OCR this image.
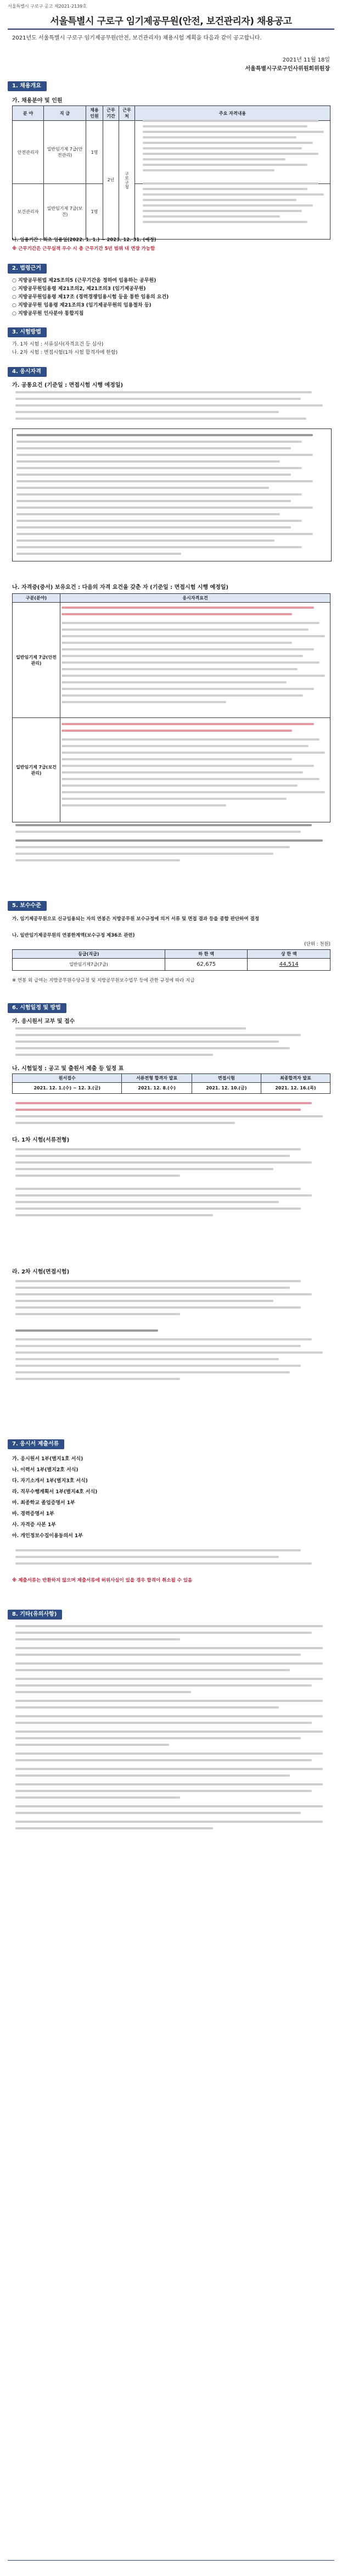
서울특별시 구로구 공고 제2021-2139호
서울특별시 구로구 임기제공무원(안전, 보건관리자) 채용공고
2021년도 서울특별시 구로구 임기제공무원(안전, 보건관리자) 채용시험 계획을 다음과 같이 공고합니다.
2021년 11월 18일
서울특별시구로구인사위원회위원장
1. 채용개요
가. 채용분야 및 인원
분 야	직 급	채용 인원	근무 기간	근무 처	주요 자격내용
안전관리자	일반임기제 7급(안전관리)	1명	2년	구로구청	
보건관리자	일반임기제 7급(보건)	1명			
나. 임용기간 : 최초 임용일(2022. 1. 1.) ~ 2023. 12. 31. (예정)
※ 근무기간은 근무실적 우수 시 총 근무기간 5년 범위 내 연장 가능함
2. 법령근거
○ 지방공무원법 제25조의5 (근무기간을 정하여 임용하는 공무원)
○ 지방공무원임용령 제21조의2, 제21조의3 (임기제공무원)
○ 지방공무원임용령 제17조 (경력경쟁임용시험 등을 통한 임용의 요건)
○ 지방공무원 임용령 제21조의3 (임기제공무원의 임용절차 등)
○ 지방공무원 인사분야 통합지침
3. 시험방법
가. 1차 시험 : 서류심사(자격요건 등 심사)
나. 2차 시험 : 면접시험(1차 시험 합격자에 한함)
4. 응시자격
가. 공통요건 (기준일 : 면접시험 시행 예정일)
나. 자격증(증서) 보유요건 : 다음의 자격 요건을 갖춘 자 (기준일 : 면접시험 시행 예정일)
구분(분야)	응시자격요건
일반임기제 7급(안전관리)	
일반임기제 7급(보건관리)	
5. 보수수준
가. 임기제공무원으로 신규임용되는 자의 연봉은 지방공무원 보수규정에 의거 서류 및 면접 결과 등을 종합 판단하여 결정
나. 일반임기제공무원의 연봉한계액(보수규정 제36조 관련)
(단위 : 천원)
등급(직급)	하 한 액	상 한 액
일반임기제7급(7급)	62,675	44,514
※ 연봉 외 급여는 지방공무원수당규정 및 지방공무원보수업무 등에 관한 규정에 따라 지급
6. 시험일정 및 방법
가. 응시원서 교부 및 접수
나. 시험일정 : 공고 및 출원서 제출 등 일정 표
원서접수	서류전형 합격자 발표	면접시험	최종합격자 발표
2021. 12. 1.(수) ~ 12. 3.(금)	2021. 12. 8.(수)	2021. 12. 10.(금)	2021. 12. 16.(목)
다. 1차 시험(서류전형)
라. 2차 시험(면접시험)
7. 응시서 제출서류
가. 응시원서 1부(별지1호 서식)
나. 이력서 1부(별지2호 서식)
다. 자기소개서 1부(별지3호 서식)
라. 직무수행계획서 1부(별지4호 서식)
마. 최종학교 졸업증명서 1부
바. 경력증명서 1부
사. 자격증 사본 1부
아. 개인정보수집이용동의서 1부
※ 제출서류는 반환하지 않으며 제출서류에 허위사실이 있을 경우 합격이 취소될 수 있음
8. 기타(유의사항)
